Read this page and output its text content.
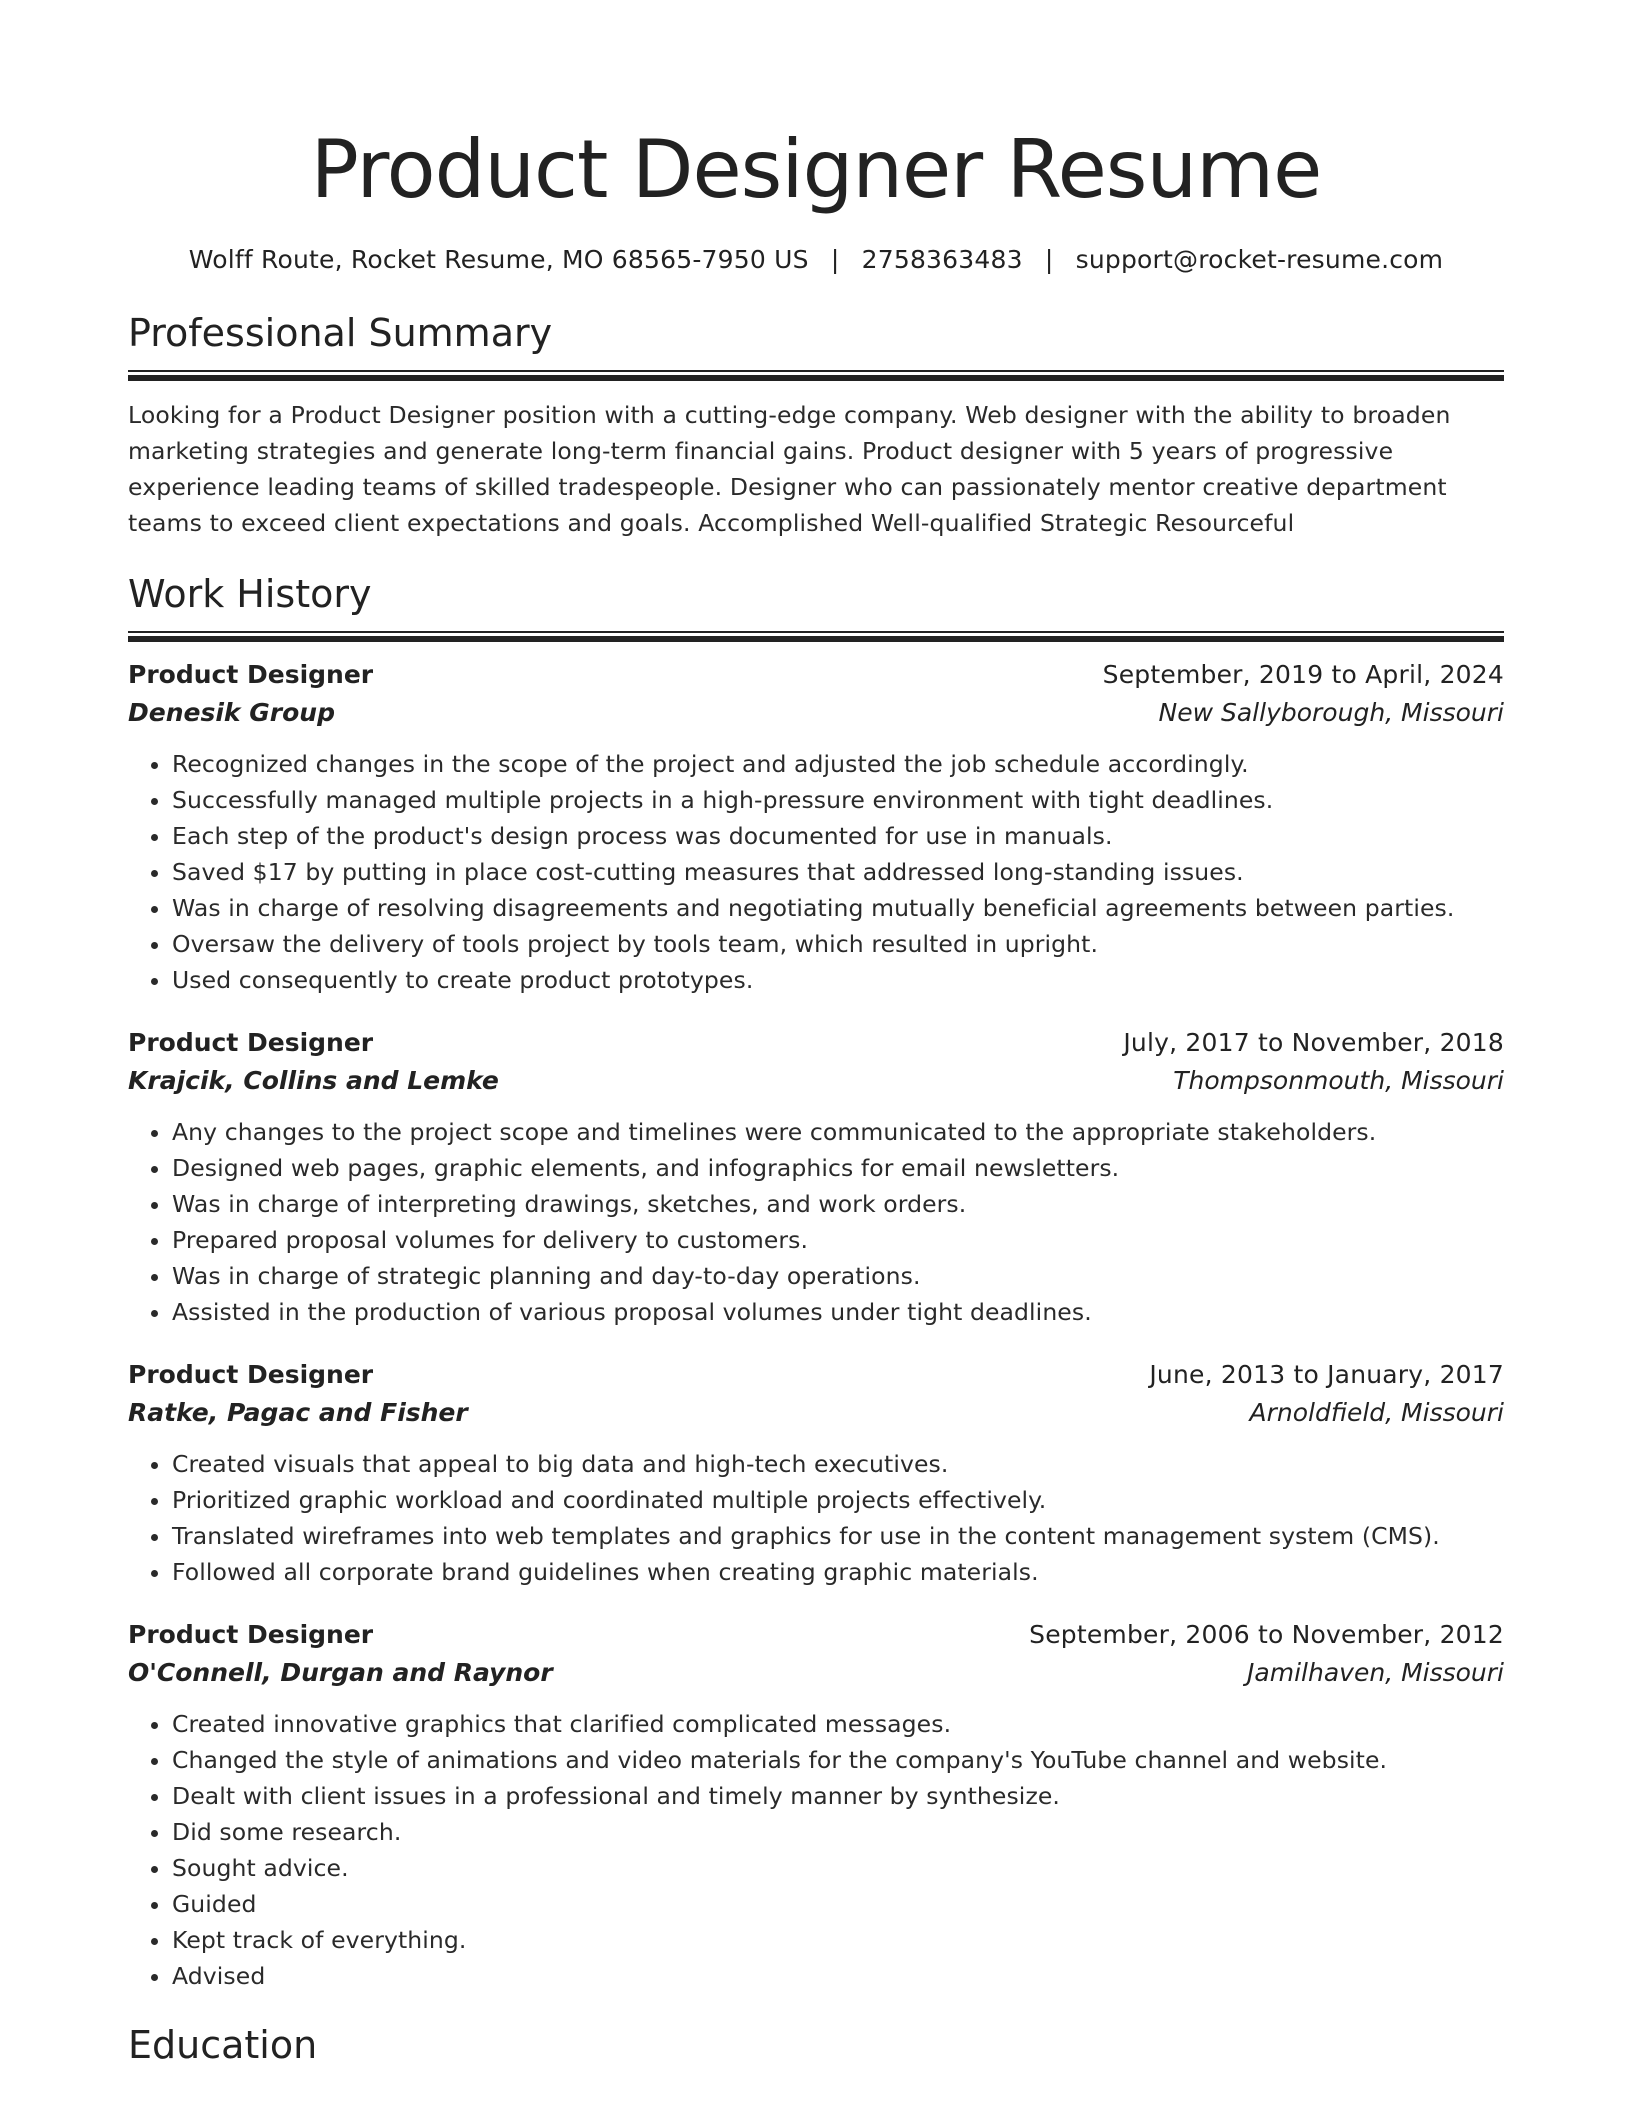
Product Designer Resume
Wolff Route, Rocket Resume, MO 68565-7950 US | 2758363483 | support@rocket-resume.com
Professional Summary

Looking for a Product Designer position with a cutting-edge company. Web designer with the ability to broaden marketing strategies and generate long-term financial gains. Product designer with 5 years of progressive experience leading teams of skilled tradespeople. Designer who can passionately mentor creative department teams to exceed client expectations and goals. Accomplished Well-qualified Strategic Resourceful

Work History
Product Designer	September, 2019 to April, 2024
Denesik Group	New Sallyborough, Missouri
• Recognized changes in the scope of the project and adjusted the job schedule accordingly.
• Successfully managed multiple projects in a high-pressure environment with tight deadlines.
• Each step of the product's design process was documented for use in manuals.
• Saved $17 by putting in place cost-cutting measures that addressed long-standing issues.
• Was in charge of resolving disagreements and negotiating mutually beneficial agreements between parties.
• Oversaw the delivery of tools project by tools team, which resulted in upright.
• Used consequently to create product prototypes.
Product Designer	July, 2017 to November, 2018
Krajcik, Collins and Lemke	Thompsonmouth, Missouri
• Any changes to the project scope and timelines were communicated to the appropriate stakeholders.
• Designed web pages, graphic elements, and infographics for email newsletters.
• Was in charge of interpreting drawings, sketches, and work orders.
• Prepared proposal volumes for delivery to customers.
• Was in charge of strategic planning and day-to-day operations.
• Assisted in the production of various proposal volumes under tight deadlines.
Product Designer	June, 2013 to January, 2017
Ratke, Pagac and Fisher	Arnoldfield, Missouri
• Created visuals that appeal to big data and high-tech executives.
• Prioritized graphic workload and coordinated multiple projects effectively.
• Translated wireframes into web templates and graphics for use in the content management system (CMS).
• Followed all corporate brand guidelines when creating graphic materials.
Product Designer	September, 2006 to November, 2012
O'Connell, Durgan and Raynor	Jamilhaven, Missouri
• Created innovative graphics that clarified complicated messages.
• Changed the style of animations and video materials for the company's YouTube channel and website.
• Dealt with client issues in a professional and timely manner by synthesize.
• Did some research.
• Sought advice.
• Guided
• Kept track of everything.
• Advised
Education
